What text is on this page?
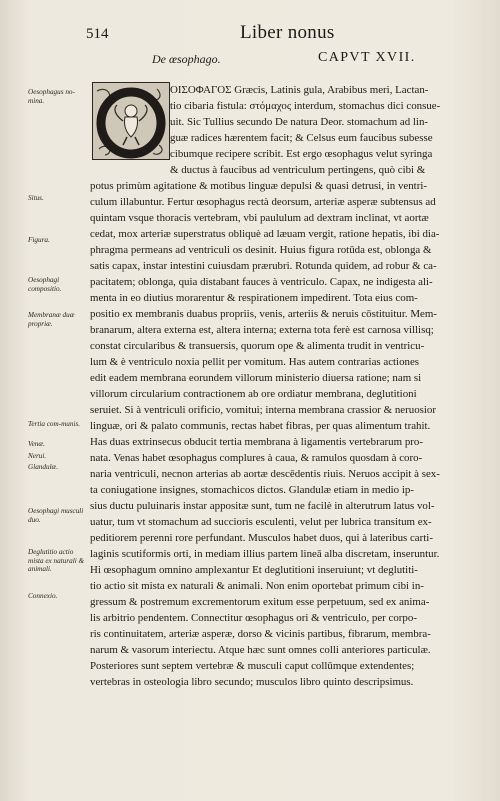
514	Liber nonus
De œsophago.	CAPVT XVII.
Oesophagus no-mina.
Situs.
Figura.
Oesophagi compositio.
Membranæ duæ propriæ.
Tertia com-munis.
Venæ.
Nerui.
Glandulæ.
Oesophagi musculi duo.
Deglutitio actio mista ex naturali & animali.
Connexio.
O
ΟΙΣΟΦΑΓΟΣ Græcis, Latinis gula, Arabibus meri, Lactan-
tio cibaria fistula: στόμαχος interdum, stomachus dici consue-
uit. Sic Tullius secundo De natura Deor. stomachum ad lin-
guæ radices hærentem facit; & Celsus eum faucibus subesse
cibumque recipere scribit. Est ergo œsophagus velut syringa
& ductus à faucibus ad ventriculum pertingens, quò cibi &
potus primùm agitatione & motibus linguæ depulsi & quasi detrusi, in ventri-
culum illabuntur. Fertur œsophagus rectà deorsum, arteriæ asperæ subtensus ad
quintam vsque thoracis vertebram, vbi paululum ad dextram inclinat, vt aortæ
cedat, mox arteriæ superstratus obliquè ad læuam vergit, ratione hepatis, ibi dia-
phragma permeans ad ventriculi os desinit. Huius figura rotūda est, oblonga &
satis capax, instar intestini cuiusdam prærubri. Rotunda quidem, ad robur & ca-
pacitatem; oblonga, quia distabant fauces à ventriculo. Capax, ne indigesta ali-
menta in eo diutius morarentur & respirationem impedirent. Tota eius com-
positio ex membranis duabus propriis, venis, arteriis & neruis cōstituitur. Mem-
branarum, altera externa est, altera interna; externa tota ferè est carnosa villisq;
constat circularibus & transuersis, quorum ope & alimenta trudit in ventricu-
lum & è ventriculo noxia pellit per vomitum. Has autem contrarias actiones
edit eadem membrana eorundem villorum ministerio diuersa ratione; nam si
villorum circularium contractionem ab ore ordiatur membrana, deglutitioni
seruiet. Si à ventriculi orificio, vomitui; interna membrana crassior & neruosior
linguæ, ori & palato communis, rectas habet fibras, per quas alimentum trahit.
Has duas extrinsecus obducit tertia membrana à ligamentis vertebrarum pro-
nata. Venas habet œsophagus complures à caua, & ramulos quosdam à coro-
naria ventriculi, necnon arterias ab aortæ descēdentis riuis. Neruos accipit à sex-
ta coniugatione insignes, stomachicos dictos. Glandulæ etiam in medio ip-
sius ductu puluinaris instar appositæ sunt, tum ne facilè in alterutrum latus vol-
uatur, tum vt stomachum ad succioris esculenti, velut per lubrica transitum ex-
peditiorem perenni rore perfundant. Musculos habet duos, qui à lateribus carti-
laginis scutiformis orti, in mediam illius partem lineā alba discretam, inseruntur.
Hi œsophagum omnino amplexantur Et deglutitioni inseruiunt; vt deglutiti-
tio actio sit mista ex naturali & animali. Non enim oportebat primum cibi in-
gressum & postremum excrementorum exitum esse perpetuum, sed ex anima-
lis arbitrio pendentem. Connectitur œsophagus ori & ventriculo, per corpo-
ris continuitatem, arteriæ asperæ, dorso & vicinis partibus, fibrarum, membra-
narum & vasorum interiectu. Atque hæc sunt omnes colli anteriores particulæ.
Posteriores sunt septem vertebræ & musculi caput collūmque extendentes;
vertebras in osteologia libro secundo; musculos libro quinto descripsimus.
